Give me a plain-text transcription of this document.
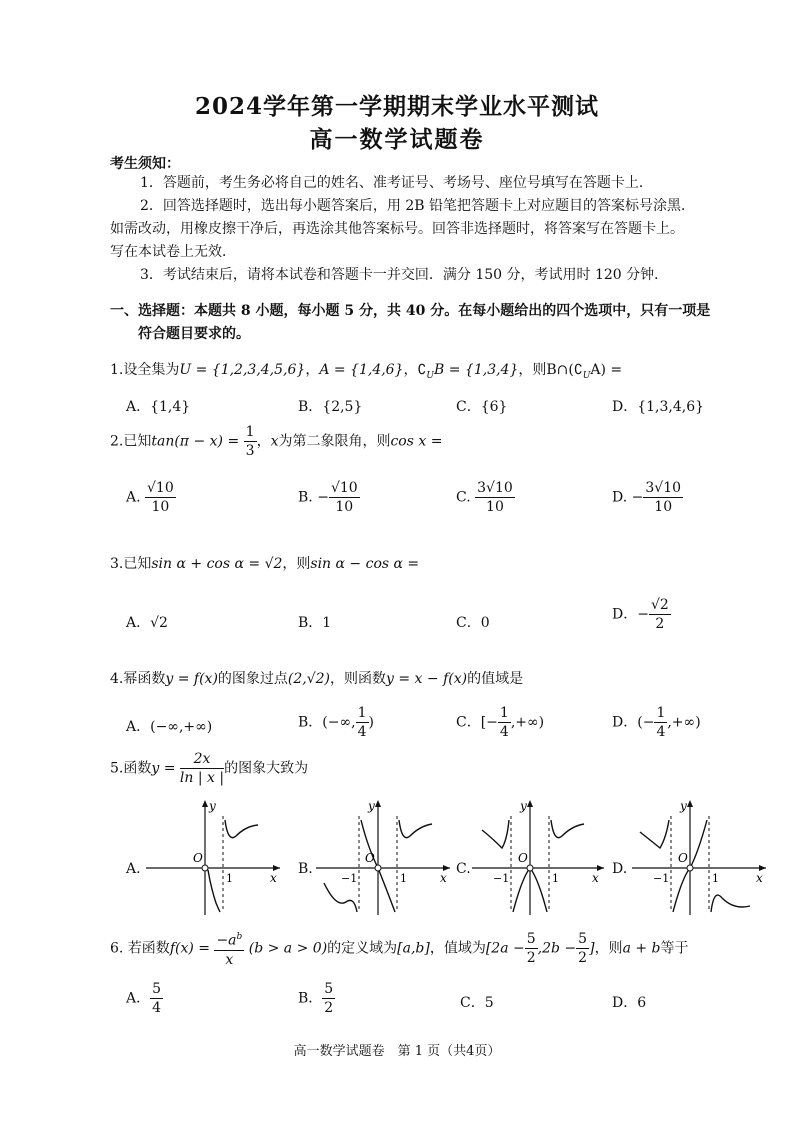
2024学年第一学期期末学业水平测试
高一数学试题卷
考生须知：
1．答题前，考生务必将自己的姓名、准考证号、考场号、座位号填写在答题卡上．
2．回答选择题时，选出每小题答案后，用 2B 铅笔把答题卡上对应题目的答案标号涂黑．
如需改动，用橡皮擦干净后，再选涂其他答案标号。回答非选择题时，将答案写在答题卡上。
写在本试卷上无效．
3．考试结束后，请将本试卷和答题卡一并交回．满分 150 分，考试用时 120 分钟．
一、选择题：本题共 8 小题，每小题 5 分，共 40 分。在每小题给出的四个选项中，只有一项是
符合题目要求的。
1.设全集为U = {1,2,3,4,5,6}，A = {1,4,6}，$∁_UB = \{1,3,4\}$，则$B\cap(∁_UA)$ =
A．{1,4}	B．{2,5}	C．{6}	D．{1,3,4,6}
2.已知$\tan(\pi - x) = \frac{1}{3}$ ，x为第二象限角，则cos x =
A. $\frac{√10}{10}$	B. − $\frac{√10}{10}$	C. $\frac{3√10}{10}$	D. − $\frac{3√10}{10}$
3.已知sin α + cos α = √2，则sin α − cos α =
A．√2	B．1	C．0
D．− $\frac{√2}{2}$
4.幂函数y = f(x)的图象过点(2,√2)，则函数y = x − f(x)的值域是
A．(−∞,+∞)	B．(−∞, $\frac{1}{4}$ )	C．[− $\frac{1}{4}$ ,+∞)	D．(− $\frac{1}{4}$ ,+∞)
5.函数$y = \frac{2x}{\ln | x |}$ 的图象大致为
A.
O
y
x
1
B.
O
y
x
−1	1
C.
O
y
x
−1	1
D.
O
y
x
−1	1
6. 若函数$f(x) = \frac{-a^b}{x} (b > a > 0)$的定义域为[a,b]，值域为[$2a - \frac{5}{2} ,2b - \frac{5}{2}$ ]，则a + b等于
A． $\frac{5}{4}$	B． $\frac{5}{2}$	C．5	D．6
高一数学试题卷　第 1 页（共4页）
